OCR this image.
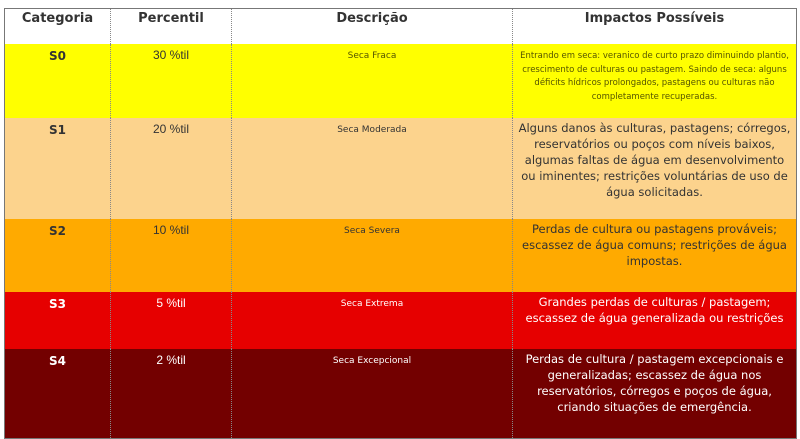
Categoria	Percentil	Descrição	Impactos Possíveis
S0	30 %til	Seca Fraca	Entrando em seca: veranico de curto prazo diminuindo plantio, crescimento de culturas ou pastagem. Saindo de seca: alguns déficits hídricos prolongados, pastagens ou culturas não completamente recuperadas.
S1	20 %til	Seca Moderada	Alguns danos às culturas, pastagens; córregos, reservatórios ou poços com níveis baixos, algumas faltas de água em desenvolvimento ou iminentes; restrições voluntárias de uso de água solicitadas.
S2	10 %til	Seca Severa	Perdas de cultura ou pastagens prováveis; escassez de água comuns; restrições de água impostas.
S3	5 %til	Seca Extrema	Grandes perdas de culturas / pastagem; escassez de água generalizada ou restrições
S4	2 %til	Seca Excepcional	Perdas de cultura / pastagem excepcionais e generalizadas; escassez de água nos reservatórios, córregos e poços de água, criando situações de emergência.
